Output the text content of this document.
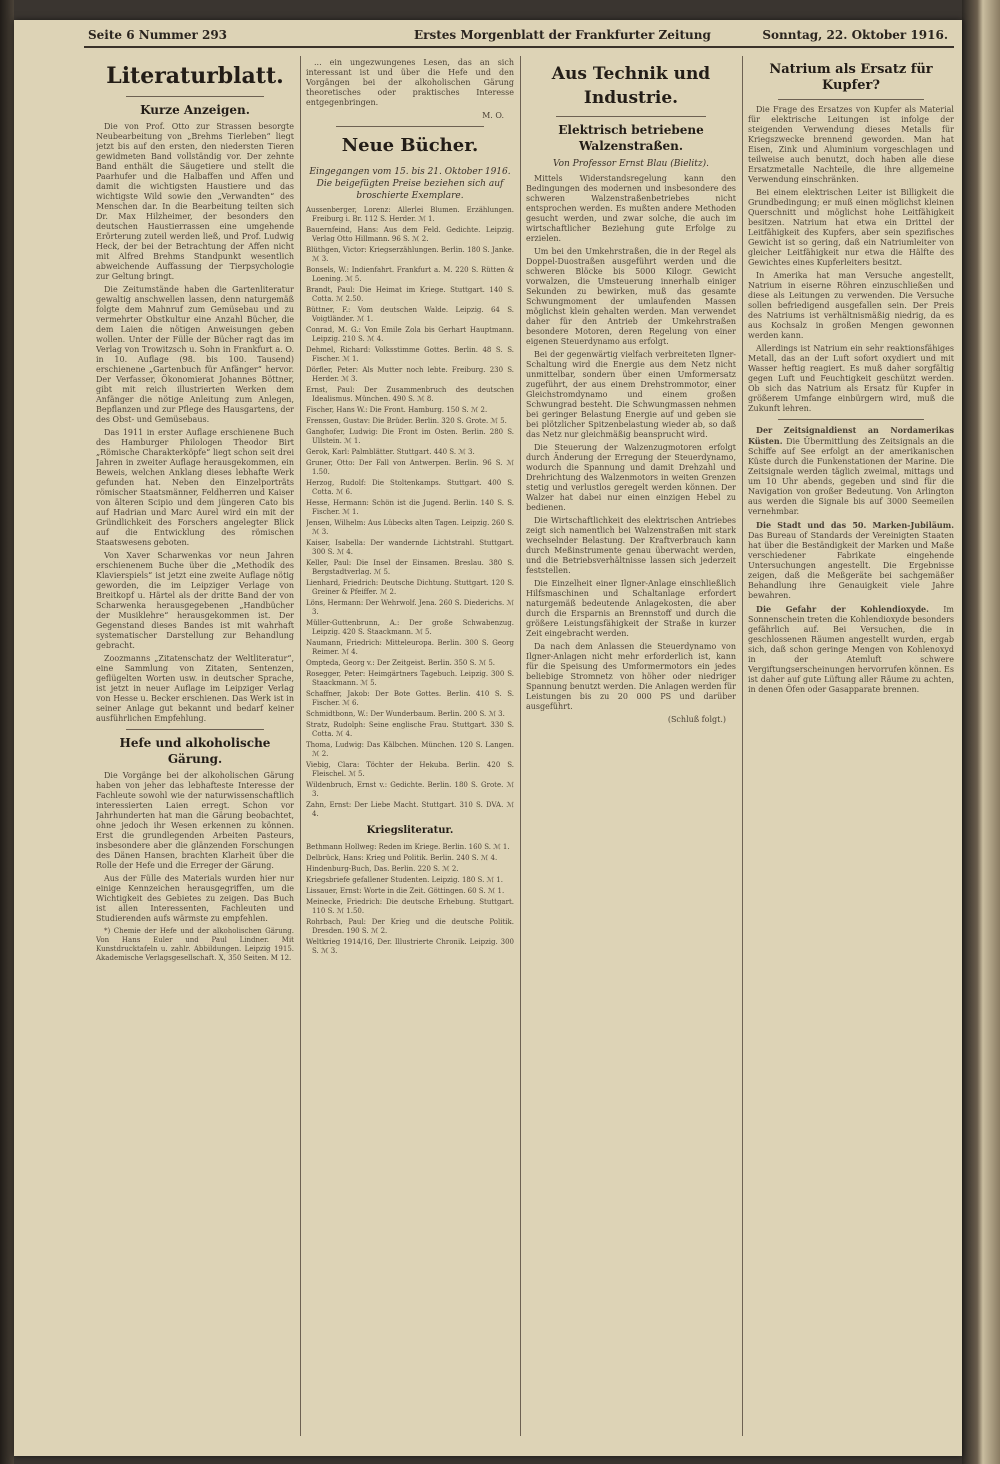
Seite 6 Nummer 293	Erstes Morgenblatt der Frankfurter Zeitung	Sonntag, 22. Oktober 1916.
Literaturblatt.
Kurze Anzeigen.

Die von Prof. Otto zur Strassen besorgte Neubearbeitung von „Brehms Tierleben“ liegt jetzt bis auf den ersten, den niedersten Tieren gewidmeten Band vollständig vor. Der zehnte Band enthält die Säugetiere und stellt die Paarhufer und die Halbaffen und Affen und damit die wichtigsten Haustiere und das wichtigste Wild sowie den „Verwandten“ des Menschen dar. In die Bearbeitung teilten sich Dr. Max Hilzheimer, der besonders den deutschen Haustierrassen eine umgehende Erörterung zuteil werden ließ, und Prof. Ludwig Heck, der bei der Betrachtung der Affen nicht mit Alfred Brehms Standpunkt wesentlich abweichende Auffassung der Tierpsychologie zur Geltung bringt.

Die Zeitumstände haben die Gartenliteratur gewaltig anschwellen lassen, denn naturgemäß folgte dem Mahnruf zum Gemüsebau und zu vermehrter Obstkultur eine Anzahl Bücher, die dem Laien die nötigen Anweisungen geben wollen. Unter der Fülle der Bücher ragt das im Verlag von Trowitzsch u. Sohn in Frankfurt a. O. in 10. Auflage (98. bis 100. Tausend) erschienene „Gartenbuch für Anfänger“ hervor. Der Verfasser, Ökonomierat Johannes Böttner, gibt mit reich illustrierten Werken dem Anfänger die nötige Anleitung zum Anlegen, Bepflanzen und zur Pflege des Hausgartens, der des Obst- und Gemüsebaus.

Das 1911 in erster Auflage erschienene Buch des Hamburger Philologen Theodor Birt „Römische Charakterköpfe“ liegt schon seit drei Jahren in zweiter Auflage herausgekommen, ein Beweis, welchen Anklang dieses lebhafte Werk gefunden hat. Neben den Einzelporträts römischer Staatsmänner, Feldherren und Kaiser von älteren Scipio und dem jüngeren Cato bis auf Hadrian und Marc Aurel wird ein mit der Gründlichkeit des Forschers angelegter Blick auf die Entwicklung des römischen Staatswesens geboten.

Von Xaver Scharwenkas vor neun Jahren erschienenem Buche über die „Methodik des Klavierspiels“ ist jetzt eine zweite Auflage nötig geworden, die im Leipziger Verlage von Breitkopf u. Härtel als der dritte Band der von Scharwenka herausgegebenen „Handbücher der Musiklehre“ herausgekommen ist. Der Gegenstand dieses Bandes ist mit wahrhaft systematischer Darstellung zur Behandlung gebracht.

Zoozmanns „Zitatenschatz der Weltliteratur“, eine Sammlung von Zitaten, Sentenzen, geflügelten Worten usw. in deutscher Sprache, ist jetzt in neuer Auflage im Leipziger Verlag von Hesse u. Becker erschienen. Das Werk ist in seiner Anlage gut bekannt und bedarf keiner ausführlichen Empfehlung.

Hefe und alkoholische Gärung.

Die Vorgänge bei der alkoholischen Gärung haben von jeher das lebhafteste Interesse der Fachleute sowohl wie der naturwissenschaftlich interessierten Laien erregt. Schon vor Jahrhunderten hat man die Gärung beobachtet, ohne jedoch ihr Wesen erkennen zu können. Erst die grundlegenden Arbeiten Pasteurs, insbesondere aber die glänzenden Forschungen des Dänen Hansen, brachten Klarheit über die Rolle der Hefe und die Erreger der Gärung.

Aus der Fülle des Materials wurden hier nur einige Kennzeichen herausgegriffen, um die Wichtigkeit des Gebietes zu zeigen. Das Buch ist allen Interessenten, Fachleuten und Studierenden aufs wärmste zu empfehlen.

*) Chemie der Hefe und der alkoholischen Gärung. Von Hans Euler und Paul Lindner. Mit Kunstdrucktafeln u. zahlr. Abbildungen. Leipzig 1915. Akademische Verlagsgesellschaft. X, 350 Seiten. M 12.

... ein ungezwungenes Lesen, das an sich interessant ist und über die Hefe und den Vorgängen bei der alkoholischen Gärung theoretisches oder praktisches Interesse entgegenbringen.

M. O.
Neue Bücher.
Eingegangen vom 15. bis 21. Oktober 1916. Die beigefügten Preise beziehen sich auf broschierte Exemplare.
Aussenberger, Lorenz: Allerlei Blumen. Erzählungen. Freiburg i. Br. 112 S. Herder. ℳ 1.
Bauernfeind, Hans: Aus dem Feld. Gedichte. Leipzig. Verlag Otto Hillmann. 96 S. ℳ 2.
Blüthgen, Victor: Kriegserzählungen. Berlin. 180 S. Janke. ℳ 3.
Bonsels, W.: Indienfahrt. Frankfurt a. M. 220 S. Rütten & Loening. ℳ 5.
Brandt, Paul: Die Heimat im Kriege. Stuttgart. 140 S. Cotta. ℳ 2.50.
Büttner, F.: Vom deutschen Walde. Leipzig. 64 S. Voigtländer. ℳ 1.
Conrad, M. G.: Von Emile Zola bis Gerhart Hauptmann. Leipzig. 210 S. ℳ 4.
Dehmel, Richard: Volksstimme Gottes. Berlin. 48 S. S. Fischer. ℳ 1.
Dörfler, Peter: Als Mutter noch lebte. Freiburg. 230 S. Herder. ℳ 3.
Ernst, Paul: Der Zusammenbruch des deutschen Idealismus. München. 490 S. ℳ 8.
Fischer, Hans W.: Die Front. Hamburg. 150 S. ℳ 2.
Frenssen, Gustav: Die Brüder. Berlin. 320 S. Grote. ℳ 5.
Ganghofer, Ludwig: Die Front im Osten. Berlin. 280 S. Ullstein. ℳ 1.
Gerok, Karl: Palmblätter. Stuttgart. 440 S. ℳ 3.
Gruner, Otto: Der Fall von Antwerpen. Berlin. 96 S. ℳ 1.50.
Herzog, Rudolf: Die Stoltenkamps. Stuttgart. 400 S. Cotta. ℳ 6.
Hesse, Hermann: Schön ist die Jugend. Berlin. 140 S. S. Fischer. ℳ 1.
Jensen, Wilhelm: Aus Lübecks alten Tagen. Leipzig. 260 S. ℳ 3.
Kaiser, Isabella: Der wandernde Lichtstrahl. Stuttgart. 300 S. ℳ 4.
Keller, Paul: Die Insel der Einsamen. Breslau. 380 S. Bergstadtverlag. ℳ 5.
Lienhard, Friedrich: Deutsche Dichtung. Stuttgart. 120 S. Greiner & Pfeiffer. ℳ 2.
Löns, Hermann: Der Wehrwolf. Jena. 260 S. Diederichs. ℳ 3.
Müller-Guttenbrunn, A.: Der große Schwabenzug. Leipzig. 420 S. Staackmann. ℳ 5.
Naumann, Friedrich: Mitteleuropa. Berlin. 300 S. Georg Reimer. ℳ 4.
Ompteda, Georg v.: Der Zeitgeist. Berlin. 350 S. ℳ 5.
Rosegger, Peter: Heimgärtners Tagebuch. Leipzig. 300 S. Staackmann. ℳ 5.
Schaffner, Jakob: Der Bote Gottes. Berlin. 410 S. S. Fischer. ℳ 6.
Schmidtbonn, W.: Der Wunderbaum. Berlin. 200 S. ℳ 3.
Stratz, Rudolph: Seine englische Frau. Stuttgart. 330 S. Cotta. ℳ 4.
Thoma, Ludwig: Das Kälbchen. München. 120 S. Langen. ℳ 2.
Viebig, Clara: Töchter der Hekuba. Berlin. 420 S. Fleischel. ℳ 5.
Wildenbruch, Ernst v.: Gedichte. Berlin. 180 S. Grote. ℳ 3.
Zahn, Ernst: Der Liebe Macht. Stuttgart. 310 S. DVA. ℳ 4.
Kriegsliteratur.
Bethmann Hollweg: Reden im Kriege. Berlin. 160 S. ℳ 1.
Delbrück, Hans: Krieg und Politik. Berlin. 240 S. ℳ 4.
Hindenburg-Buch, Das. Berlin. 220 S. ℳ 2.
Kriegsbriefe gefallener Studenten. Leipzig. 180 S. ℳ 1.
Lissauer, Ernst: Worte in die Zeit. Göttingen. 60 S. ℳ 1.
Meinecke, Friedrich: Die deutsche Erhebung. Stuttgart. 110 S. ℳ 1.50.
Rohrbach, Paul: Der Krieg und die deutsche Politik. Dresden. 190 S. ℳ 2.
Weltkrieg 1914/16, Der. Illustrierte Chronik. Leipzig. 300 S. ℳ 3.
Aus Technik und Industrie.
Elektrisch betriebene Walzenstraßen.
Von Professor Ernst Blau (Bielitz).

Mittels Widerstandsregelung kann den Bedingungen des modernen und insbesondere des schweren Walzenstraßenbetriebes nicht entsprochen werden. Es mußten andere Methoden gesucht werden, und zwar solche, die auch im wirtschaftlicher Beziehung gute Erfolge zu erzielen.

Um bei den Umkehrstraßen, die in der Regel als Doppel-Duostraßen ausgeführt werden und die schweren Blöcke bis 5000 Kilogr. Gewicht vorwalzen, die Umsteuerung innerhalb einiger Sekunden zu bewirken, muß das gesamte Schwungmoment der umlaufenden Massen möglichst klein gehalten werden. Man verwendet daher für den Antrieb der Umkehrstraßen besondere Motoren, deren Regelung von einer eigenen Steuerdynamo aus erfolgt.

Bei der gegenwärtig vielfach verbreiteten Ilgner-Schaltung wird die Energie aus dem Netz nicht unmittelbar, sondern über einen Umformersatz zugeführt, der aus einem Drehstrommotor, einer Gleichstromdynamo und einem großen Schwungrad besteht. Die Schwungmassen nehmen bei geringer Belastung Energie auf und geben sie bei plötzlicher Spitzenbelastung wieder ab, so daß das Netz nur gleichmäßig beansprucht wird.

Die Steuerung der Walzenzugmotoren erfolgt durch Änderung der Erregung der Steuerdynamo, wodurch die Spannung und damit Drehzahl und Drehrichtung des Walzenmotors in weiten Grenzen stetig und verlustlos geregelt werden können. Der Walzer hat dabei nur einen einzigen Hebel zu bedienen.

Die Wirtschaftlichkeit des elektrischen Antriebes zeigt sich namentlich bei Walzenstraßen mit stark wechselnder Belastung. Der Kraftverbrauch kann durch Meßinstrumente genau überwacht werden, und die Betriebsverhältnisse lassen sich jederzeit feststellen.

Die Einzelheit einer Ilgner-Anlage einschließlich Hilfsmaschinen und Schaltanlage erfordert naturgemäß bedeutende Anlagekosten, die aber durch die Ersparnis an Brennstoff und durch die größere Leistungsfähigkeit der Straße in kurzer Zeit eingebracht werden.

Da nach dem Anlassen die Steuerdynamo von Ilgner-Anlagen nicht mehr erforderlich ist, kann für die Speisung des Umformermotors ein jedes beliebige Stromnetz von höher oder niedriger Spannung benutzt werden. Die Anlagen werden für Leistungen bis zu 20 000 PS und darüber ausgeführt.

(Schluß folgt.)
Natrium als Ersatz für Kupfer?

Die Frage des Ersatzes von Kupfer als Material für elektrische Leitungen ist infolge der steigenden Verwendung dieses Metalls für Kriegszwecke brennend geworden. Man hat Eisen, Zink und Aluminium vorgeschlagen und teilweise auch benutzt, doch haben alle diese Ersatzmetalle Nachteile, die ihre allgemeine Verwendung einschränken.

Bei einem elektrischen Leiter ist Billigkeit die Grundbedingung; er muß einen möglichst kleinen Querschnitt und möglichst hohe Leitfähigkeit besitzen. Natrium hat etwa ein Drittel der Leitfähigkeit des Kupfers, aber sein spezifisches Gewicht ist so gering, daß ein Natriumleiter von gleicher Leitfähigkeit nur etwa die Hälfte des Gewichtes eines Kupferleiters besitzt.

In Amerika hat man Versuche angestellt, Natrium in eiserne Röhren einzuschließen und diese als Leitungen zu verwenden. Die Versuche sollen befriedigend ausgefallen sein. Der Preis des Natriums ist verhältnismäßig niedrig, da es aus Kochsalz in großen Mengen gewonnen werden kann.

Allerdings ist Natrium ein sehr reaktionsfähiges Metall, das an der Luft sofort oxydiert und mit Wasser heftig reagiert. Es muß daher sorgfältig gegen Luft und Feuchtigkeit geschützt werden. Ob sich das Natrium als Ersatz für Kupfer in größerem Umfange einbürgern wird, muß die Zukunft lehren.

Der Zeitsignaldienst an Nordamerikas Küsten. Die Übermittlung des Zeitsignals an die Schiffe auf See erfolgt an der amerikanischen Küste durch die Funkenstationen der Marine. Die Zeitsignale werden täglich zweimal, mittags und um 10 Uhr abends, gegeben und sind für die Navigation von großer Bedeutung. Von Arlington aus werden die Signale bis auf 3000 Seemeilen vernehmbar.

Die Stadt und das 50. Marken-Jubiläum. Das Bureau of Standards der Vereinigten Staaten hat über die Beständigkeit der Marken und Maße verschiedener Fabrikate eingehende Untersuchungen angestellt. Die Ergebnisse zeigen, daß die Meßgeräte bei sachgemäßer Behandlung ihre Genauigkeit viele Jahre bewahren.

Die Gefahr der Kohlendioxyde. Im Sonnenschein treten die Kohlendioxyde besonders gefährlich auf. Bei Versuchen, die in geschlossenen Räumen angestellt wurden, ergab sich, daß schon geringe Mengen von Kohlenoxyd in der Atemluft schwere Vergiftungserscheinungen hervorrufen können. Es ist daher auf gute Lüftung aller Räume zu achten, in denen Öfen oder Gasapparate brennen.
